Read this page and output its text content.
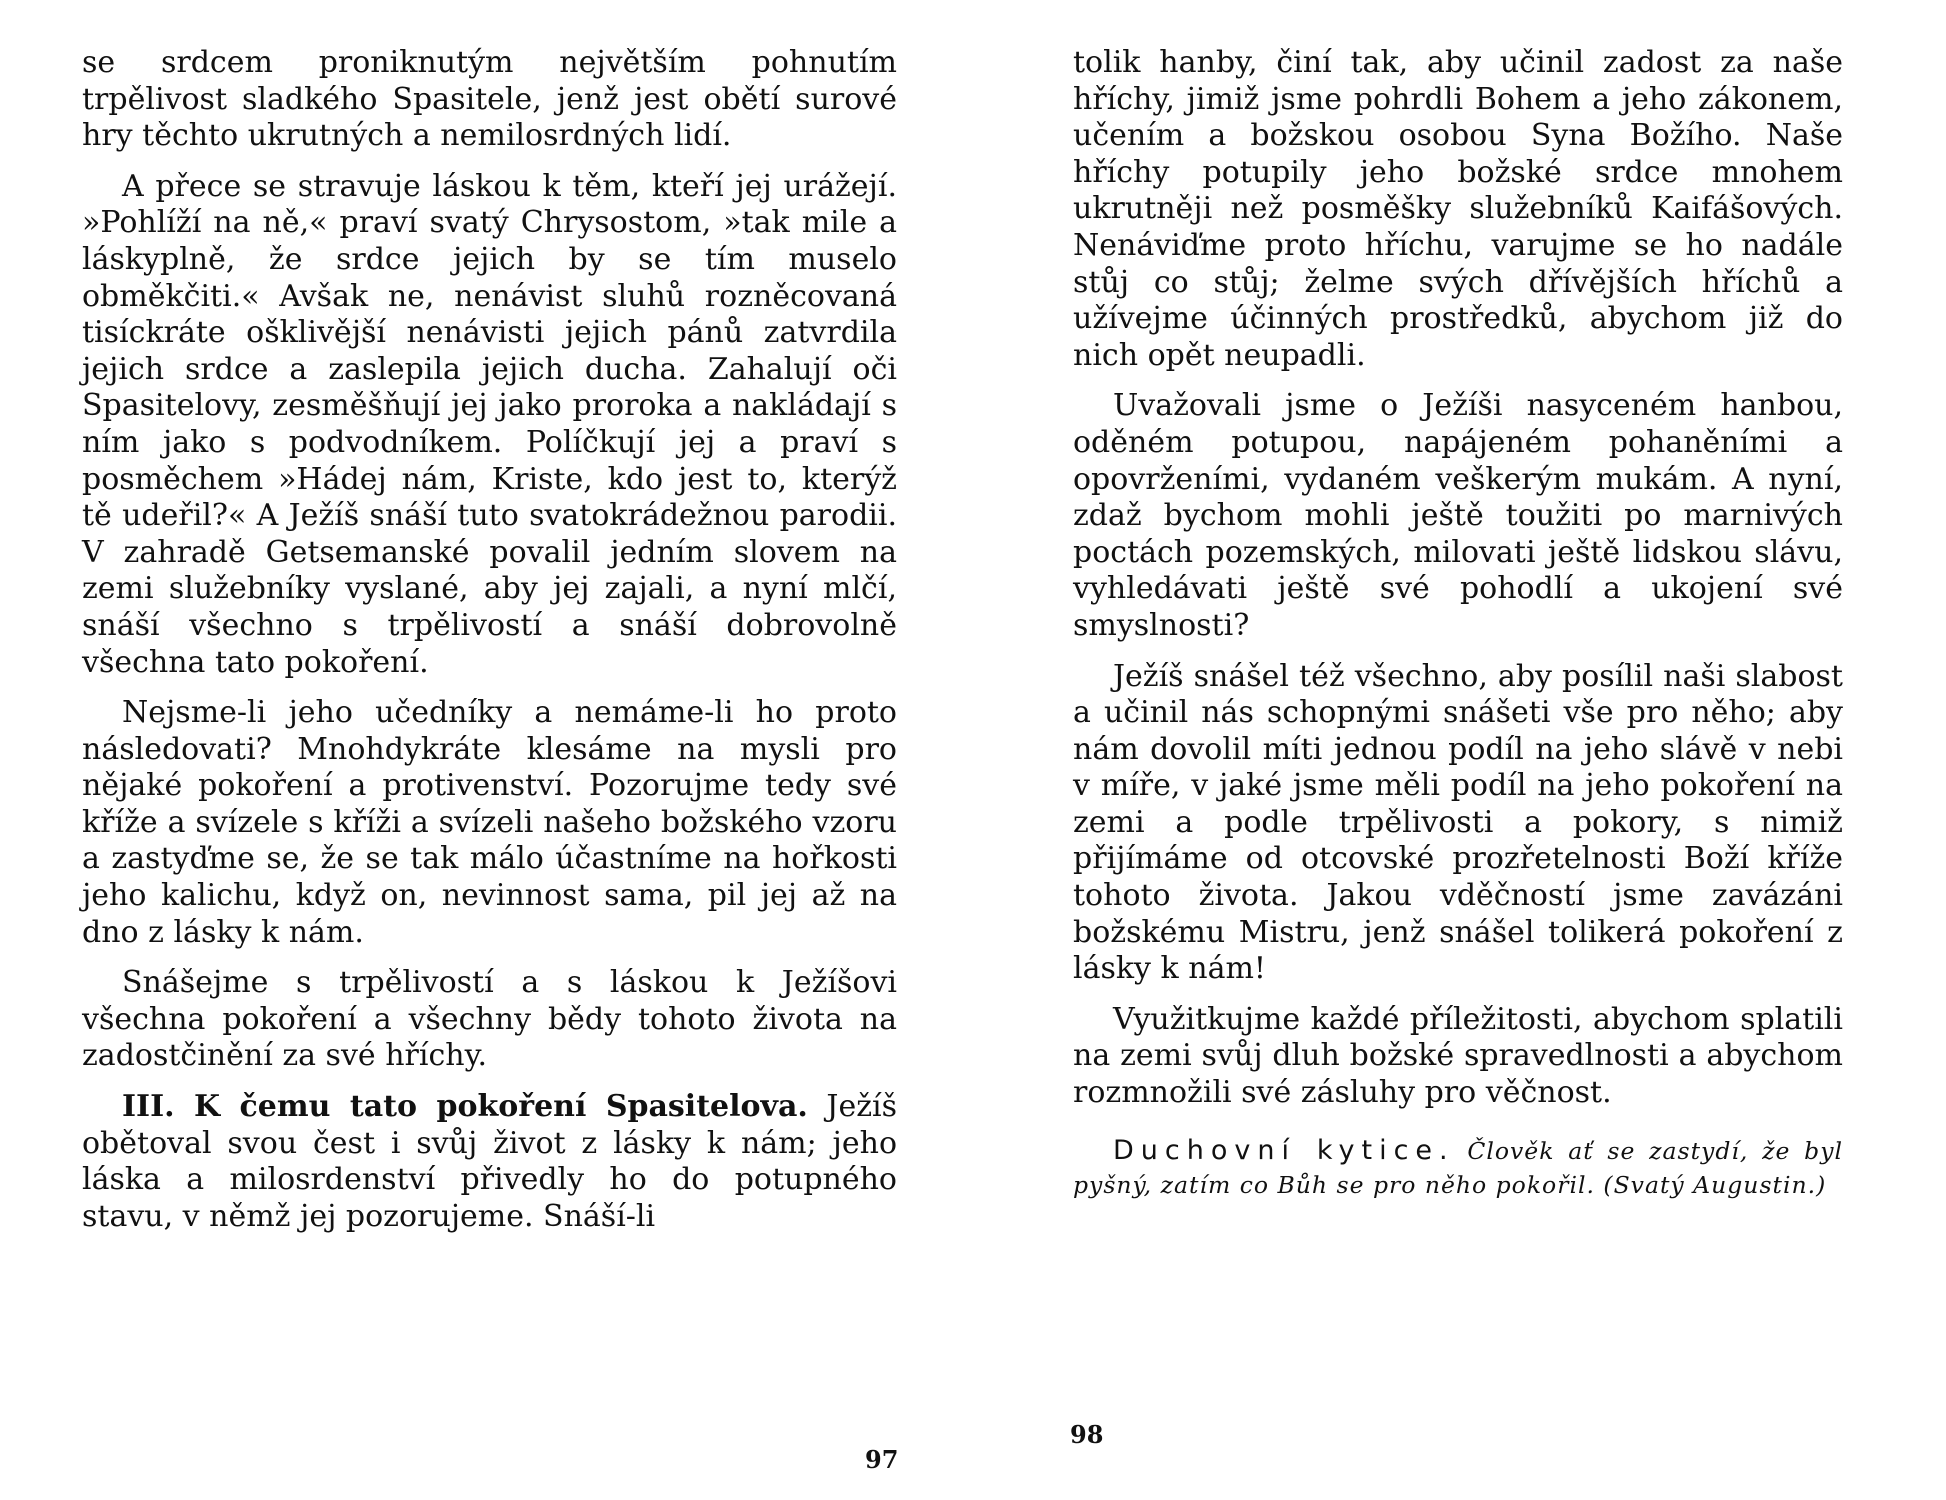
se srdcem proniknutým největším pohnutím trpělivost sladkého Spasitele, jenž jest obětí surové hry těchto ukrutných a nemilosrdných lidí.

A přece se stravuje láskou k těm, kteří jej urážejí. »Pohlíží na ně,« praví svatý Chrysostom, »tak mile a láskyplně, že srdce jejich by se tím muselo obměkčiti.« Avšak ne, nenávist sluhů rozněcovaná tisíckráte ošklivější nenávisti jejich pánů zatvrdila jejich srdce a zaslepila jejich ducha. Zahalují oči Spasitelovy, zesměšňují jej jako proroka a nakládají s ním jako s podvodníkem. Políčkují jej a praví s posměchem »Hádej nám, Kriste, kdo jest to, kterýž tě udeřil?« A Ježíš snáší tuto svatokrádežnou parodii. V zahradě Getsemanské povalil jedním slovem na zemi služebníky vyslané, aby jej zajali, a nyní mlčí, snáší všechno s trpělivostí a snáší dobrovolně všechna tato pokoření.

Nejsme-li jeho učedníky a nemáme-li ho proto následovati? Mnohdykráte klesáme na mysli pro nějaké pokoření a protivenství. Pozorujme tedy své kříže a svízele s kříži a svízeli našeho božského vzoru a zastyďme se, že se tak málo účastníme na hořkosti jeho kalichu, když on, nevinnost sama, pil jej až na dno z lásky k nám.

Snášejme s trpělivostí a s láskou k Ježíšovi všechna pokoření a všechny bědy tohoto života na zadostčinění za své hříchy.

III. K čemu tato pokoření Spasitelova. Ježíš obětoval svou čest i svůj život z lásky k nám; jeho láska a milosrdenství přivedly ho do potupného stavu, v němž jej pozorujeme. Snáší-li

97

tolik hanby, činí tak, aby učinil zadost za naše hříchy, jimiž jsme pohrdli Bohem a jeho zákonem, učením a božskou osobou Syna Božího. Naše hříchy potupily jeho božské srdce mnohem ukrutněji než posměšky služebníků Kaifášových. Nenáviďme proto hříchu, varujme se ho nadále stůj co stůj; želme svých dřívějších hříchů a užívejme účinných prostředků, abychom již do nich opět neupadli.

Uvažovali jsme o Ježíši nasyceném hanbou, oděném potupou, napájeném pohaněními a opovrženími, vydaném veškerým mukám. A nyní, zdaž bychom mohli ještě toužiti po marnivých poctách pozemských, milovati ještě lidskou slávu, vyhledávati ještě své pohodlí a ukojení své smyslnosti?

Ježíš snášel též všechno, aby posílil naši slabost a učinil nás schopnými snášeti vše pro něho; aby nám dovolil míti jednou podíl na jeho slávě v nebi v míře, v jaké jsme měli podíl na jeho pokoření na zemi a podle trpělivosti a pokory, s nimiž přijímáme od otcovské prozřetelnosti Boží kříže tohoto života. Jakou vděčností jsme zavázáni božskému Mistru, jenž snášel tolikerá pokoření z lásky k nám!

Využitkujme každé příležitosti, abychom splatili na zemi svůj dluh božské spravedlnosti a abychom rozmnožili své zásluhy pro věčnost.

Duchovní kytice. Člověk ať se zastydí, že byl pyšný, zatím co Bůh se pro něho pokořil. (Svatý Augustin.)

98
